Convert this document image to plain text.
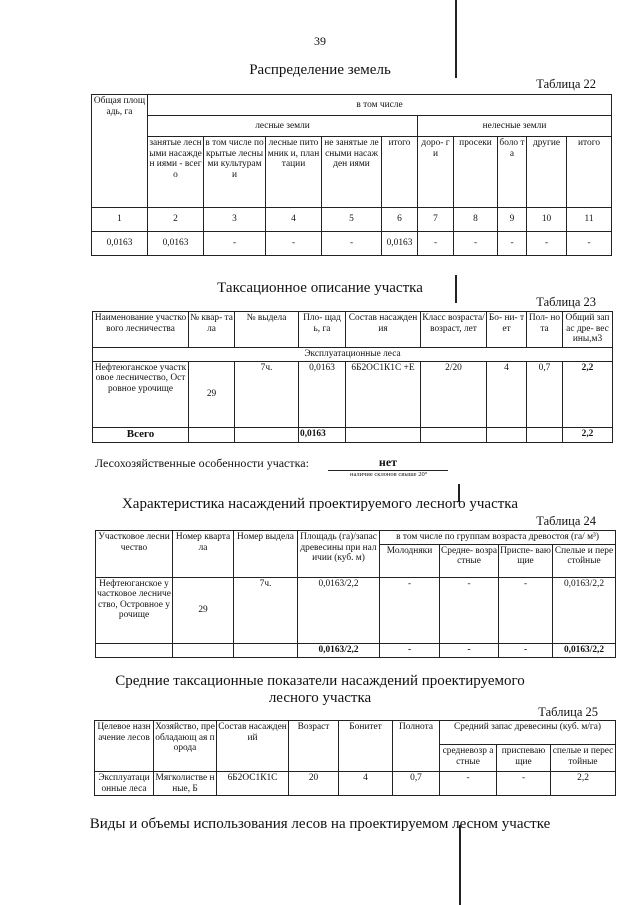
39
Распределение земель
Таблица 22
Общая площадь, га	в том числе									
	лесные земли					нелесные земли				
	занятые лесными насажден иями - всего	в том числе покрытые лесными культурами	лесные питомник и, плантации	не занятые лесными насажден иями	итого	доро- ги	просеки	боло та	другие	итого
1	2	3	4	5	6	7	8	9	10	11
0,0163	0,0163	-	-	-	0,0163	-	-	-	-	-
Таксационное описание участка
Таблица 23
Наименование участкового лесничества	№ квар- тала	№ выдела	Пло- щадь, га	Состав насаждения	Класс возраста/ возраст, лет	Бо- ни- тет	Пол- нота	Общий запас дре- весины,м3
Эксплуатационные леса								
Нефтеюганское участковое лесничество, Островное урочище	29	7ч.	0,0163	6Б2ОС1К1С +Е	2/20	4	0,7	2,2
Всего			0,0163					2,2
Лесохозяйственные особенности участка:	нет
наличие склонов свыше 20°
Характеристика насаждений проектируемого лесного участка
Таблица 24
Участковое лесничество	Номер квартала	Номер выдела	Площадь (га)/запас древесины при наличии (куб. м)	в том числе по группам возраста древостоя (га/ м³)			
				Молодняки	Средне- возрастные	Приспе- вающие	Спелые и перестойные
Нефтеюганское участковое лесничество, Островное урочище	29	7ч.	0,0163/2,2	-	-	-	0,0163/2,2
			0,0163/2,2	-	-	-	0,0163/2,2
Средние таксационные показатели насаждений проектируемого
лесного участка
Таблица 25
Целевое назначение лесов	Хозяйство, преобладающ ая порода	Состав насаждений	Возраст	Бонитет	Полнота	Средний запас древесины (куб. м/га)		
						средневозр астные	приспеваю щие	спелые и перестойные
Эксплуатаци онные леса	Мягколистве нные, Б	6Б2ОС1К1С	20	4	0,7	-	-	2,2
Виды и объемы использования лесов на проектируемом лесном участке
